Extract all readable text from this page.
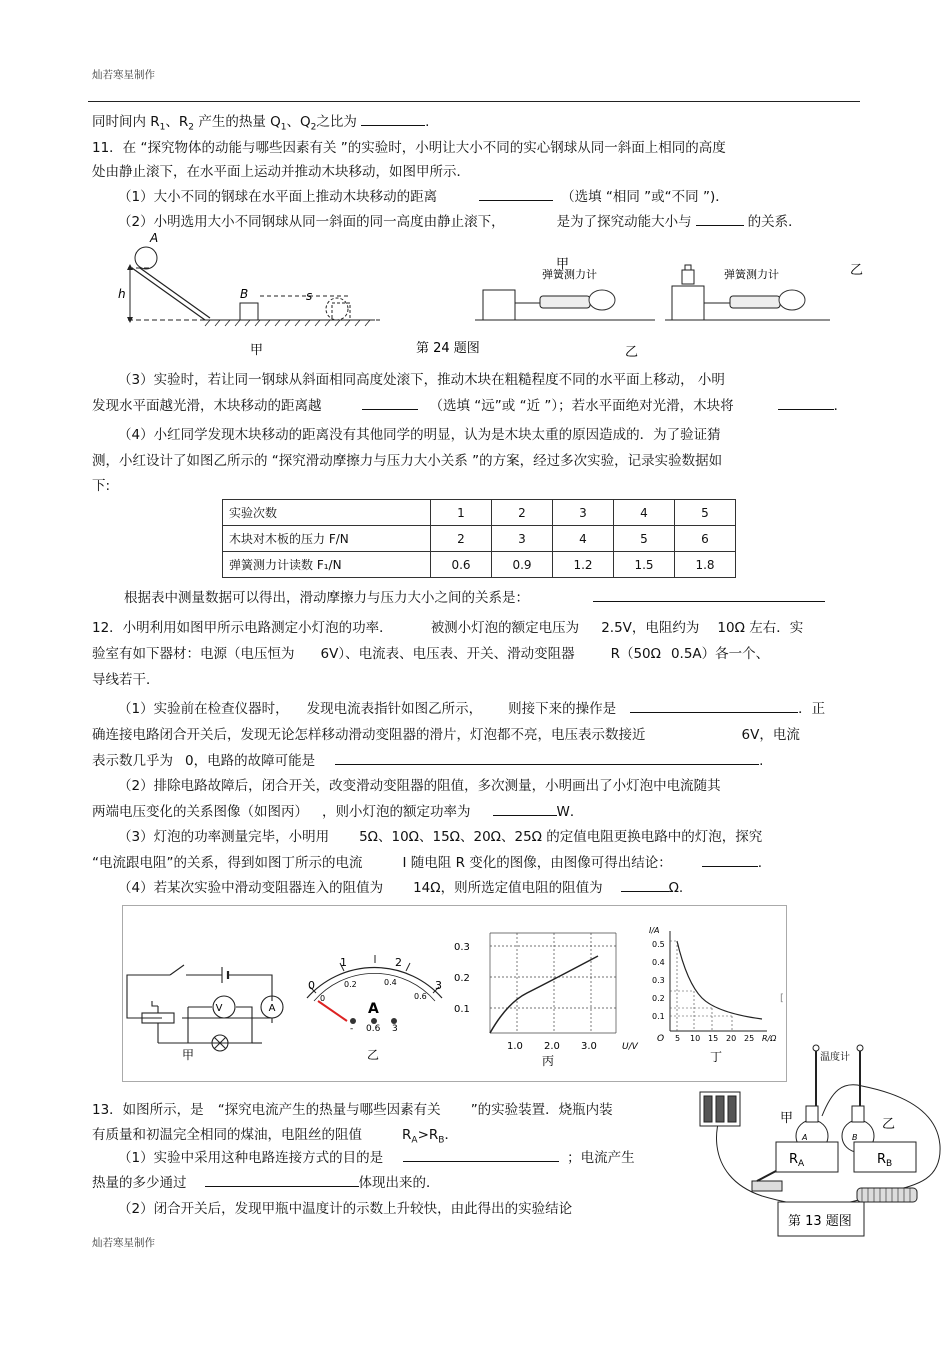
灿若寒星制作
同时间内 $R_1$、$R_2$ 产生的热量 $Q_1$、$Q_2$之比为	.
11．在 “探究物体的动能与哪些因素有关 ”的实验时，小明让大小不同的实心钢球从同一斜面上相同的高度
处由静止滚下，在水平面上运动并推动木块移动，如图甲所示．
（1）大小不同的钢球在水平面上推动木块移动的距离	（选填 “相同 ”或“不同 ”)．
（2）小明选用大小不同钢球从同一斜面的同一高度由静止滚下，	是为了探究动能大小与	的关系．
A
h	B	s
弹簧测力计
甲
弹簧测力计	乙
甲	第 24 题图	乙
（3）实验时，若让同一钢球从斜面相同高度处滚下，推动木块在粗糙程度不同的水平面上移动， 小明
发现水平面越光滑，木块移动的距离越	（选填 “远”或 “近 ”）；若水平面绝对光滑，木块将	．
（4）小红同学发现木块移动的距离没有其他同学的明显，认为是木块太重的原因造成的．为了验证猜
测，小红设计了如图乙所示的 “探究滑动摩擦力与压力大小关系 ”的方案，经过多次实验，记录实验数据如
下:
实验次数	1	2	3	4	5
木块对木板的压力 F/N	2	3	4	5	6
弹簧测力计读数 F₁/N	0.6	0.9	1.2	1.5	1.8
根据表中测量数据可以得出，滑动摩擦力与压力大小之间的关系是：
12．小明利用如图甲所示电路测定小灯泡的功率．	被测小灯泡的额定电压为 2.5V，电阻约为 10Ω 左右．实
验室有如下器材：电源（电压恒为 6V）、电流表、电压表、开关、滑动变阻器	R（50Ω 0.5A）各一个、
导线若干．
（1）实验前在检查仪器时， 发现电流表指针如图乙所示， 则接下来的操作是	．正
确连接电路闭合开关后，发现无论怎样移动滑动变阻器的滑片，灯泡都不亮，电压表示数接近	6V，电流
表示数几乎为 0，电路的故障可能是	.
（2）排除电路故障后，闭合开关，改变滑动变阻器的阻值，多次测量，小明画出了小灯泡中电流随其
两端电压变化的关系图像（如图丙） ，则小灯泡的额定功率为	W．
（3）灯泡的功率测量完毕，小明用 5Ω、10Ω、15Ω、20Ω、25Ω 的定值电阻更换电路中的灯泡，探究
“电流跟电阻”的关系，得到如图丁所示的电流	I 随电阻 R 变化的图像，由图像可得出结论：	.
（4）若某次实验中滑动变阻器连入的阻值为 14Ω，则所选定值电阻的阻值为	Ω.
V	A
甲
0
1	2
3
0
0.2	0.4
0.6
A
- 0.6 3
乙
0.3
0.2
0.1
1.0 2.0 3.0	U/V
丙
I/A
0.5
0.4
0.3
0.2
0.1
O 5 10 15 20 25 R/Ω
丁
[
13．如图所示，是 “探究电流产生的热量与哪些因素有关 ”的实验装置．烧瓶内装
有质量和初温完全相同的煤油，电阻丝的阻值	$R_A>R_B$．
（1）实验中采用这种电路连接方式的目的是	；电流产生
热量的多少通过	体现出来的．
（2）闭合开关后，发现甲瓶中温度计的示数上升较快，由此得出的实验结论
温度计
A	B
甲	乙
$R_A$	$R_B$
第 13 题图
灿若寒星制作
